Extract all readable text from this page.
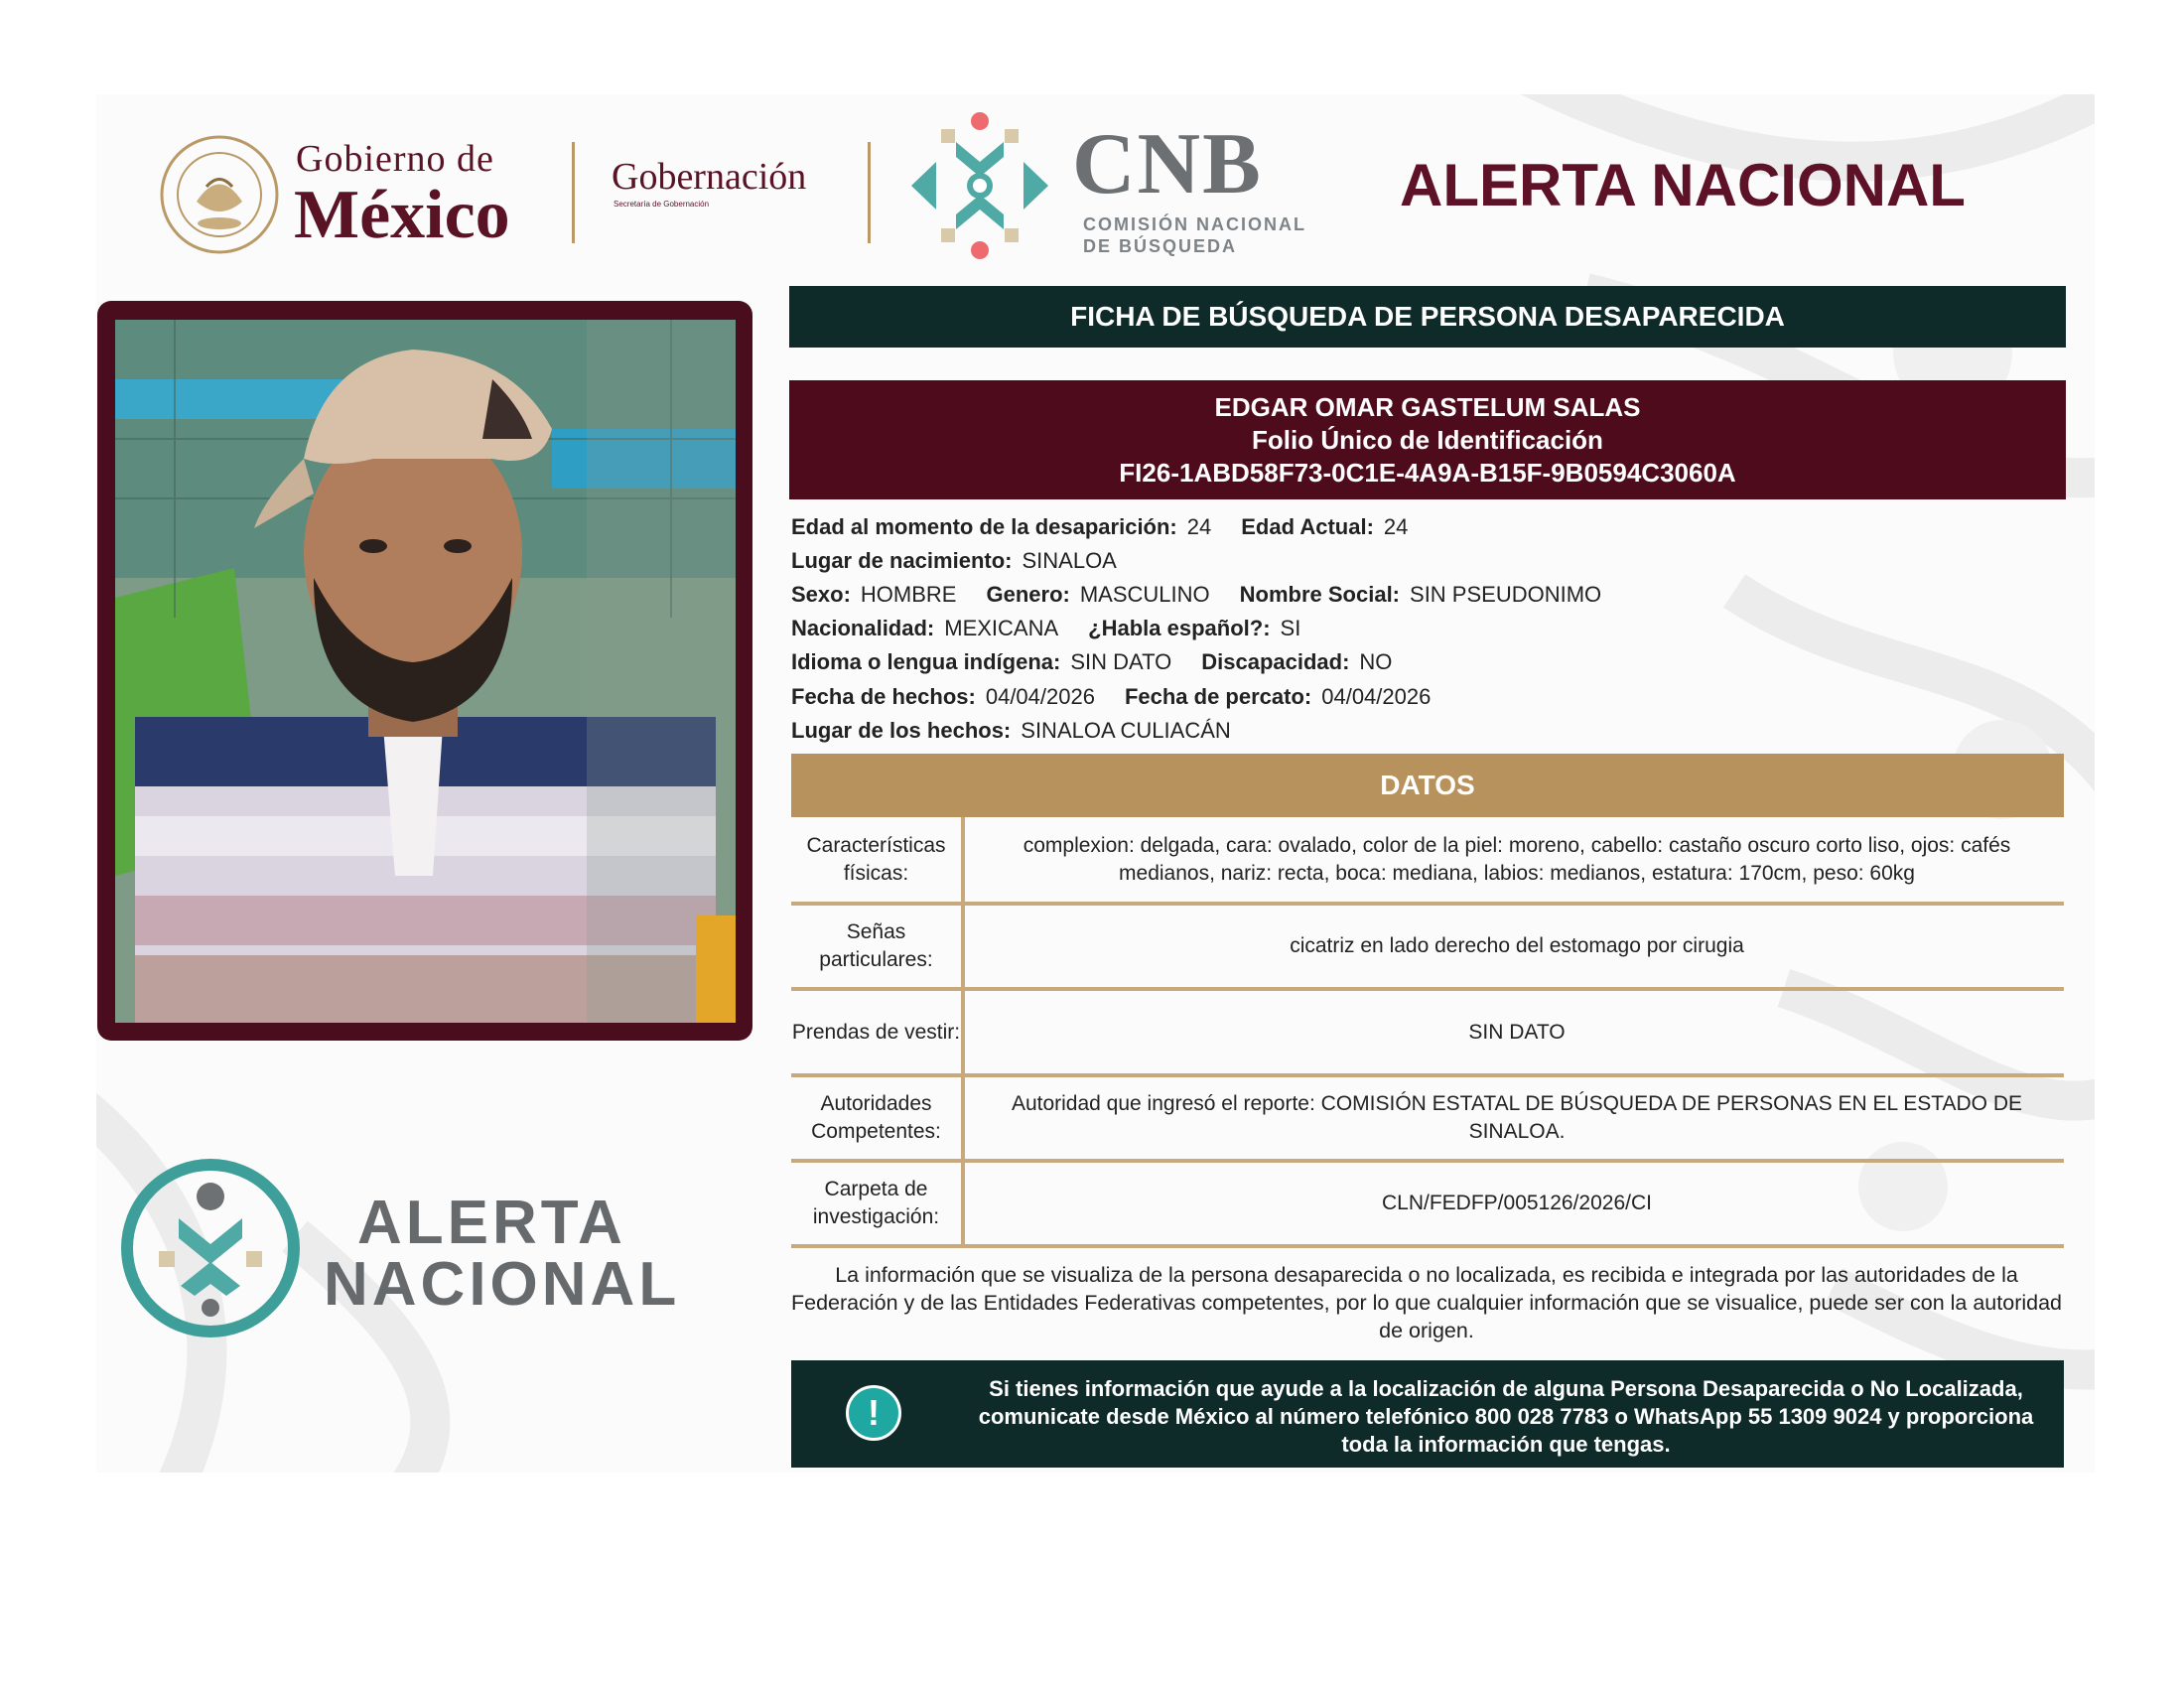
Gobierno de
México	Gobernación
Secretaría de Gobernación	CNB
COMISIÓN NACIONAL
DE BÚSQUEDA
ALERTA NACIONAL
FICHA DE BÚSQUEDA DE PERSONA DESAPARECIDA
EDGAR OMAR GASTELUM SALAS
Folio Único de Identificación
FI26-1ABD58F73-0C1E-4A9A-B15F-9B0594C3060A
Edad al momento de la desaparición: 24 Edad Actual: 24
Lugar de nacimiento: SINALOA
Sexo: HOMBRE Genero: MASCULINO Nombre Social: SIN PSEUDONIMO
Nacionalidad: MEXICANA ¿Habla español?: SI
Idioma o lengua indígena: SIN DATO Discapacidad: NO
Fecha de hechos: 04/04/2026 Fecha de percato: 04/04/2026
Lugar de los hechos: SINALOA CULIACÁN
DATOS
Características físicas:
complexion: delgada, cara: ovalado, color de la piel: moreno, cabello: castaño oscuro corto liso, ojos: cafés medianos, nariz: recta, boca: mediana, labios: medianos, estatura: 170cm, peso: 60kg
Señas particulares:
cicatriz en lado derecho del estomago por cirugia
Prendas de vestir:	SIN DATO
Autoridades Competentes:
Autoridad que ingresó el reporte: COMISIÓN ESTATAL DE BÚSQUEDA DE PERSONAS EN EL ESTADO DE SINALOA.
Carpeta de investigación:
CLN/FEDFP/005126/2026/CI
La información que se visualiza de la persona desaparecida o no localizada, es recibida e integrada por las autoridades de la Federación y de las Entidades Federativas competentes, por lo que cualquier información que se visualice, puede ser con la autoridad de origen.
!
Si tienes información que ayude a la localización de alguna Persona Desaparecida o No Localizada, comunicate desde México al número telefónico 800 028 7783 o WhatsApp 55 1309 9024 y proporciona toda la información que tengas.
ALERTA
NACIONAL
